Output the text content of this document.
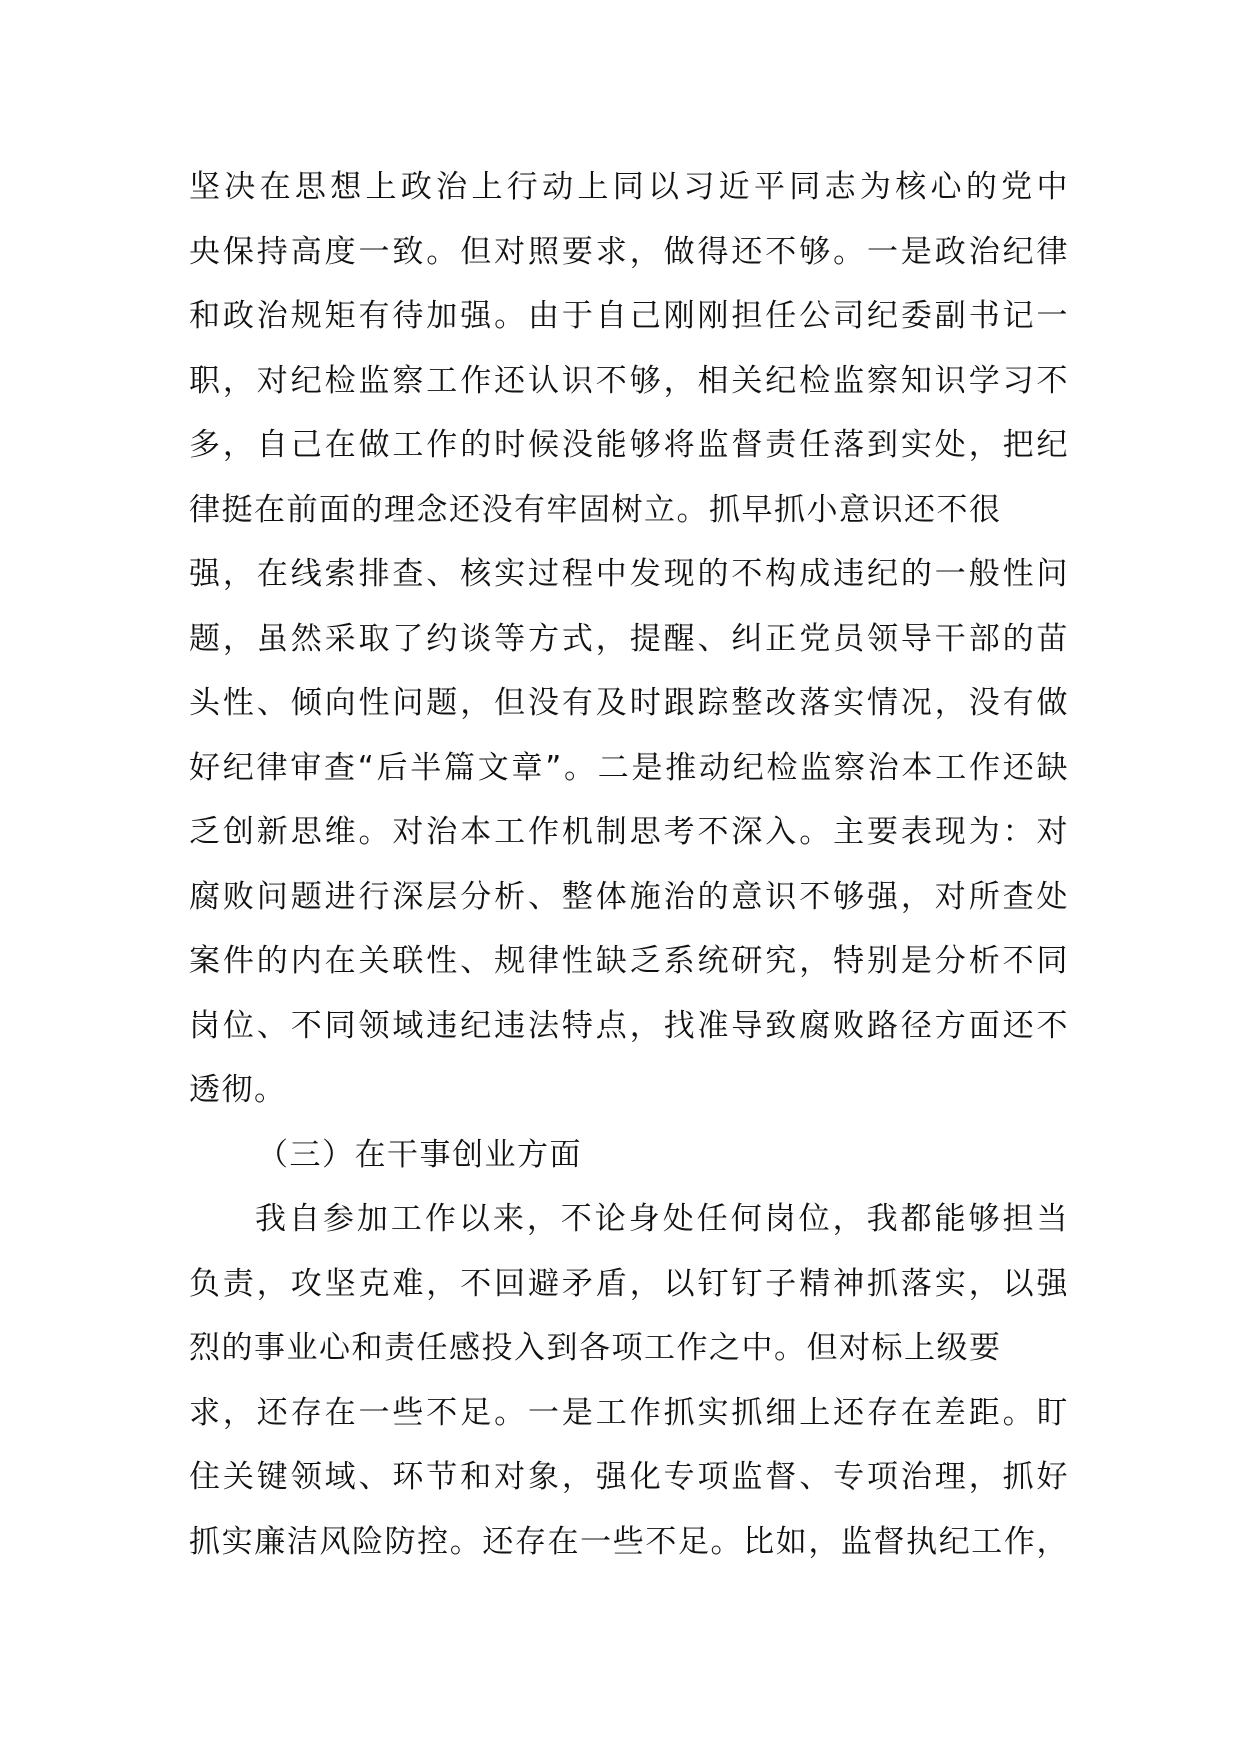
坚决在思想上政治上行动上同以习近平同志为核心的党中
央保持高度一致。但对照要求，做得还不够。一是政治纪律
和政治规矩有待加强。由于自己刚刚担任公司纪委副书记一
职，对纪检监察工作还认识不够，相关纪检监察知识学习不
多，自己在做工作的时候没能够将监督责任落到实处，把纪
律挺在前面的理念还没有牢固树立。抓早抓小意识还不很
强，在线索排查、核实过程中发现的不构成违纪的一般性问
题，虽然采取了约谈等方式，提醒、纠正党员领导干部的苗
头性、倾向性问题，但没有及时跟踪整改落实情况，没有做
好纪律审查“后半篇文章”。二是推动纪检监察治本工作还缺
乏创新思维。对治本工作机制思考不深入。主要表现为：对
腐败问题进行深层分析、整体施治的意识不够强，对所查处
案件的内在关联性、规律性缺乏系统研究，特别是分析不同
岗位、不同领域违纪违法特点，找准导致腐败路径方面还不
透彻。
（三）在干事创业方面
我自参加工作以来，不论身处任何岗位，我都能够担当
负责，攻坚克难，不回避矛盾，以钉钉子精神抓落实，以强
烈的事业心和责任感投入到各项工作之中。但对标上级要
求，还存在一些不足。一是工作抓实抓细上还存在差距。盯
住关键领域、环节和对象，强化专项监督、专项治理，抓好
抓实廉洁风险防控。还存在一些不足。比如，监督执纪工作，
